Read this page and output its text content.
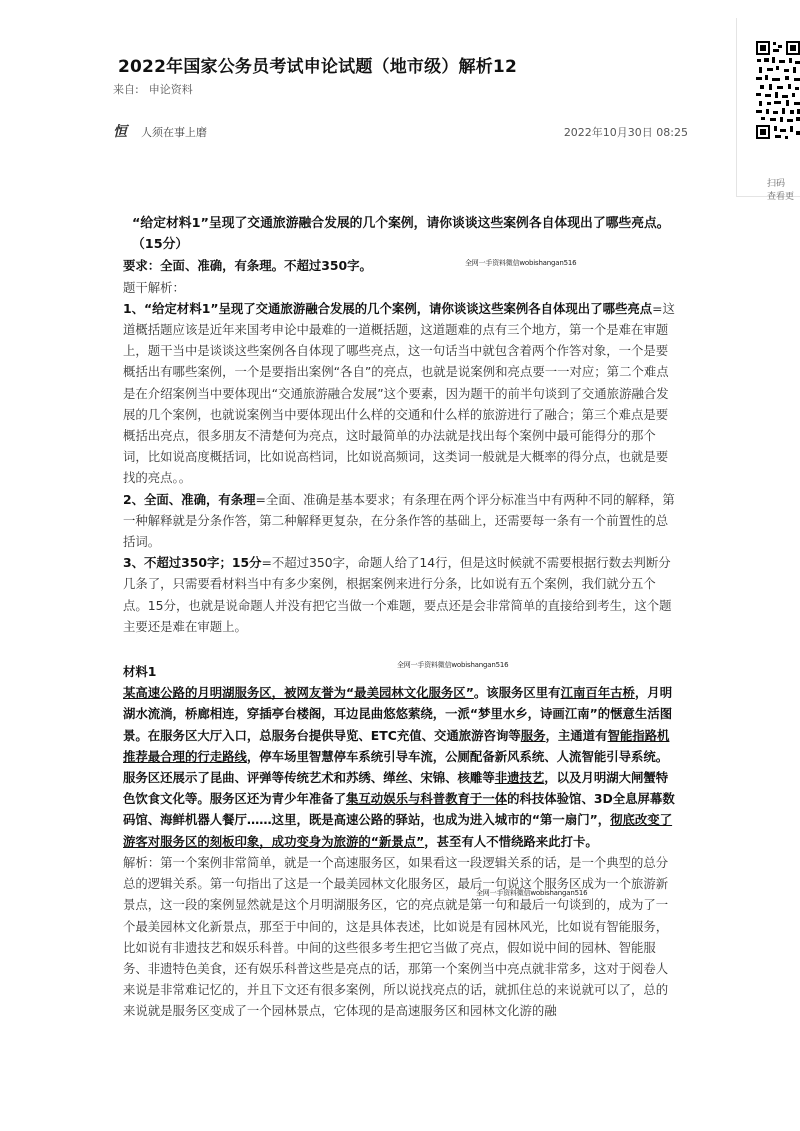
2022年国家公务员考试申论试题（地市级）解析12
来自: 申论资料
恒 人须在事上磨	2022年10月30日 08:25
扫码
查看更

“给定材料1”呈现了交通旅游融合发展的几个案例，请你谈谈这些案例各自体现出了哪些亮点。（15分）

要求：全面、准确，有条理。不超过350字。

题干解析：

1、“给定材料1”呈现了交通旅游融合发展的几个案例，请你谈谈这些案例各自体现出了哪些亮点=这道概括题应该是近年来国考申论中最难的一道概括题，这道题难的点有三个地方，第一个是难在审题上，题干当中是谈谈这些案例各自体现了哪些亮点，这一句话当中就包含着两个作答对象，一个是要概括出有哪些案例，一个是要指出案例“各自”的亮点，也就是说案例和亮点要一一对应；第二个难点是在介绍案例当中要体现出“交通旅游融合发展”这个要素，因为题干的前半句谈到了交通旅游融合发展的几个案例，也就说案例当中要体现出什么样的交通和什么样的旅游进行了融合；第三个难点是要概括出亮点，很多朋友不清楚何为亮点，这时最简单的办法就是找出每个案例中最可能得分的那个词，比如说高度概括词，比如说高档词，比如说高频词，这类词一般就是大概率的得分点，也就是要找的亮点。。

2、全面、准确，有条理=全面、准确是基本要求；有条理在两个评分标准当中有两种不同的解释，第一种解释就是分条作答，第二种解释更复杂，在分条作答的基础上，还需要每一条有一个前置性的总括词。

3、不超过350字；15分=不超过350字，命题人给了14行，但是这时候就不需要根据行数去判断分几条了，只需要看材料当中有多少案例，根据案例来进行分条，比如说有五个案例，我们就分五个点。15分，也就是说命题人并没有把它当做一个难题，要点还是会非常简单的直接给到考生，这个题主要还是难在审题上。

材料1

某高速公路的月明湖服务区，被网友誉为“最美园林文化服务区”。该服务区里有江南百年古桥，月明湖水流淌，桥廊相连，穿插亭台楼阁，耳边昆曲悠悠萦绕，一派“梦里水乡，诗画江南”的惬意生活图景。在服务区大厅入口，总服务台提供导览、ETC充值、交通旅游咨询等服务，主通道有智能指路机推荐最合理的行走路线，停车场里智慧停车系统引导车流，公厕配备新风系统、人流智能引导系统。服务区还展示了昆曲、评弹等传统艺术和苏绣、缂丝、宋锦、核雕等非遗技艺，以及月明湖大闸蟹特色饮食文化等。服务区还为青少年准备了集互动娱乐与科普教育于一体的科技体验馆、3D全息屏幕数码馆、海鲜机器人餐厅……这里，既是高速公路的驿站，也成为进入城市的“第一扇门”，彻底改变了游客对服务区的刻板印象，成功变身为旅游的“新景点”，甚至有人不惜绕路来此打卡。

解析：第一个案例非常简单，就是一个高速服务区，如果看这一段逻辑关系的话，是一个典型的总分总的逻辑关系。第一句指出了这是一个最美园林文化服务区，最后一句说这个服务区成为一个旅游新景点，这一段的案例显然就是这个月明湖服务区，它的亮点就是第一句和最后一句谈到的，成为了一个最美园林文化新景点，那至于中间的，这是具体表述，比如说是有园林风光，比如说有智能服务，比如说有非遗技艺和娱乐科普。中间的这些很多考生把它当做了亮点，假如说中间的园林、智能服务、非遗特色美食，还有娱乐科普这些是亮点的话，那第一个案例当中亮点就非常多，这对于阅卷人来说是非常难记忆的，并且下文还有很多案例，所以说找亮点的话，就抓住总的来说就可以了，总的来说就是服务区变成了一个园林景点，它体现的是高速服务区和园林文化游的融

全网一手资料微信wobishangan516
全网一手资料微信wobishangan516
全网一手资料微信wobishangan516
